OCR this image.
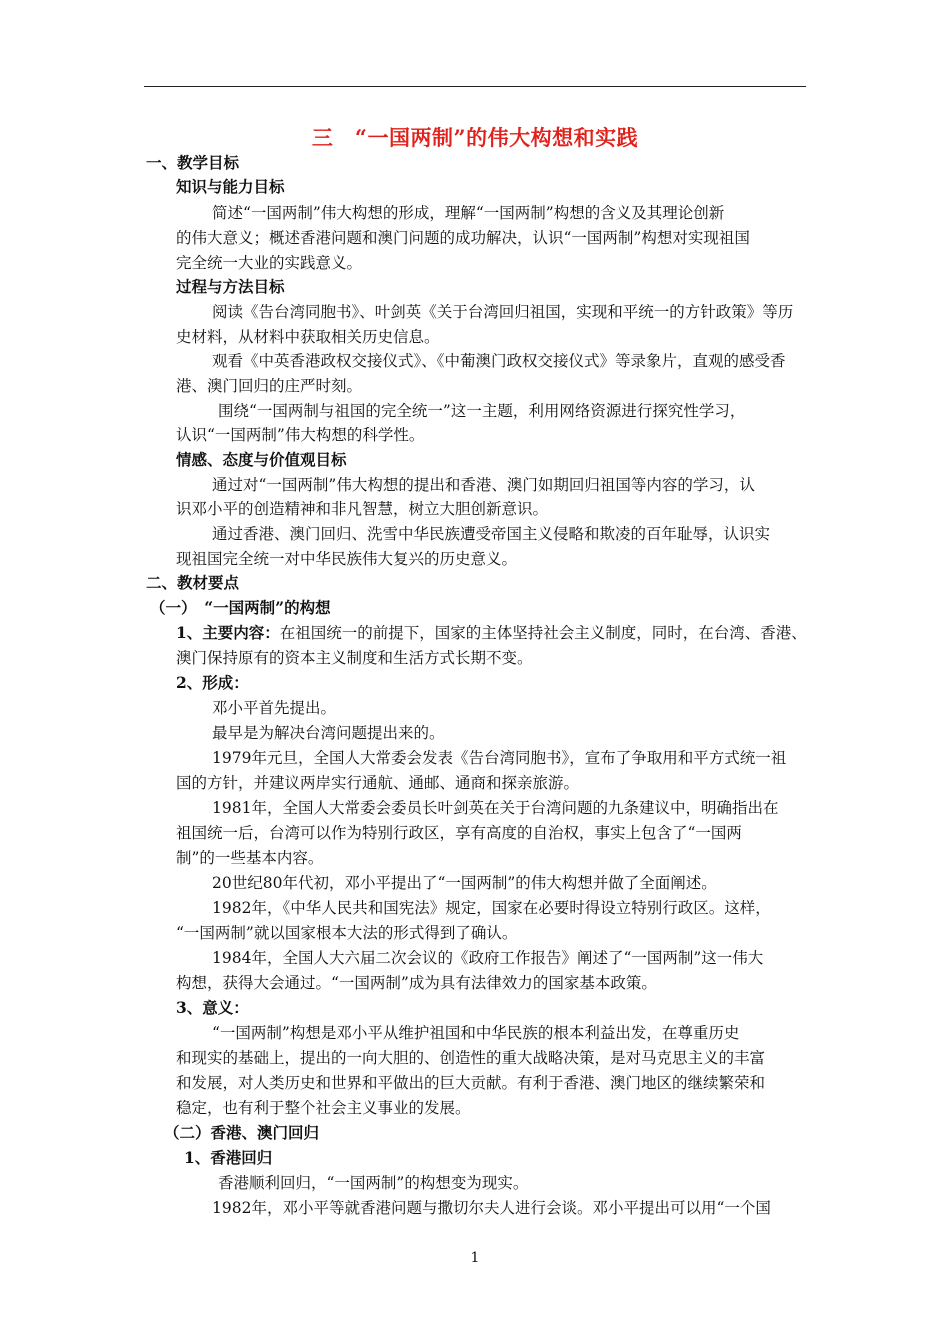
三　“一国两制”的伟大构想和实践
一、教学目标
知识与能力目标
简述“一国两制”伟大构想的形成，理解“一国两制”构想的含义及其理论创新
的伟大意义；概述香港问题和澳门问题的成功解决，认识“一国两制”构想对实现祖国
完全统一大业的实践意义。
过程与方法目标
阅读《告台湾同胞书》、叶剑英《关于台湾回归祖国，实现和平统一的方针政策》等历
史材料，从材料中获取相关历史信息。
观看《中英香港政权交接仪式》、《中葡澳门政权交接仪式》等录象片，直观的感受香
港、澳门回归的庄严时刻。
围绕“一国两制与祖国的完全统一”这一主题，利用网络资源进行探究性学习，
认识“一国两制”伟大构想的科学性。
情感、态度与价值观目标
通过对“一国两制”伟大构想的提出和香港、澳门如期回归祖国等内容的学习，认
识邓小平的创造精神和非凡智慧，树立大胆创新意识。
通过香港、澳门回归、洗雪中华民族遭受帝国主义侵略和欺凌的百年耻辱，认识实
现祖国完全统一对中华民族伟大复兴的历史意义。
二、教材要点
（一）　“一国两制”的构想
1、主要内容：在祖国统一的前提下，国家的主体坚持社会主义制度，同时，在台湾、香港、
澳门保持原有的资本主义制度和生活方式长期不变。
2、形成：
邓小平首先提出。
最早是为解决台湾问题提出来的。
1979年元旦，全国人大常委会发表《告台湾同胞书》，宣布了争取用和平方式统一祖
国的方针，并建议两岸实行通航、通邮、通商和探亲旅游。
1981年，全国人大常委会委员长叶剑英在关于台湾问题的九条建议中，明确指出在
祖国统一后，台湾可以作为特别行政区，享有高度的自治权，事实上包含了“一国两
制”的一些基本内容。
20世纪80年代初，邓小平提出了“一国两制”的伟大构想并做了全面阐述。
1982年，《中华人民共和国宪法》规定，国家在必要时得设立特别行政区。这样，
“一国两制”就以国家根本大法的形式得到了确认。
1984年，全国人大六届二次会议的《政府工作报告》阐述了“一国两制”这一伟大
构想，获得大会通过。“一国两制”成为具有法律效力的国家基本政策。
3、意义：
“一国两制”构想是邓小平从维护祖国和中华民族的根本利益出发，在尊重历史
和现实的基础上，提出的一向大胆的、创造性的重大战略决策，是对马克思主义的丰富
和发展，对人类历史和世界和平做出的巨大贡献。有利于香港、澳门地区的继续繁荣和
稳定，也有利于整个社会主义事业的发展。
（二）香港、澳门回归
1、香港回归
香港顺利回归，“一国两制”的构想变为现实。
1982年，邓小平等就香港问题与撒切尔夫人进行会谈。邓小平提出可以用“一个国
1
